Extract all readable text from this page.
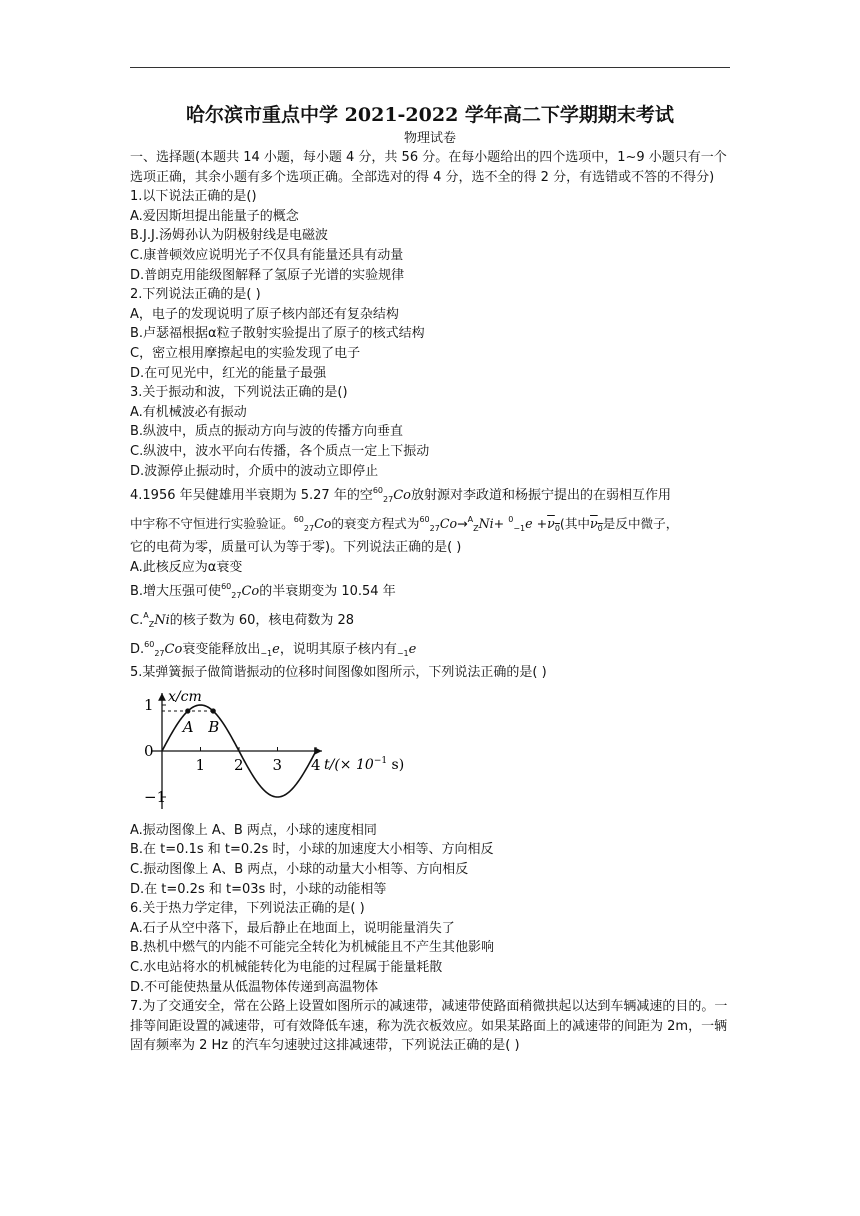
哈尔滨市重点中学 2021-2022 学年高二下学期期末考试

物理试卷

一、选择题(本题共 14 小题，每小题 4 分，共 56 分。在每小题给出的四个选项中，1~9 小题只有一个选项正确，其余小题有多个选项正确。全部选对的得 4 分，选不全的得 2 分，有选错或不答的不得分)

1.以下说法正确的是()

A.爱因斯坦提出能量子的概念

B.J.J.汤姆孙认为阴极射线是电磁波

C.康普顿效应说明光子不仅具有能量还具有动量

D.普朗克用能级图解释了氢原子光谱的实验规律

2.下列说法正确的是( )

A，电子的发现说明了原子核内部还有复杂结构

B.卢瑟福根据α粒子散射实验提出了原子的核式结构

C，密立根用摩擦起电的实验发现了电子

D.在可见光中，红光的能量子最强

3.关于振动和波，下列说法正确的是()

A.有机械波必有振动

B.纵波中，质点的振动方向与波的传播方向垂直

C.纵波中，波水平向右传播，各个质点一定上下振动

D.波源停止振动时，介质中的波动立即停止

4.1956 年吴健雄用半衰期为 5.27 年的空$^{60}_{27}$Co放射源对李政道和杨振宁提出的在弱相互作用

中宇称不守恒进行实验验证。$^{60}_{27}$Co的衰变方程式为$^{60}_{27}Co\to^A_ZNi+ ^0_{-1}e +\nu_0$(其中$\nu_0$是反中微子，

它的电荷为零，质量可认为等于零)。下列说法正确的是( )

A.此核反应为α衰变

B.增大压强可使$^{60}_{27}$Co的半衰期变为 10.54 年

C.$^A_Z$Ni的核子数为 60，核电荷数为 28

D.$^{60}_{27}$Co衰变能释放出$_{-1}$e，说明其原子核内有$_{-1}$e

5.某弹簧振子做简谐振动的位移时间图像如图所示，下列说法正确的是( )

x/cm
$t/(\times 10^{-1}$ s)
1
0
−1
1 2 3 4
A B

A.振动图像上 A、B 两点，小球的速度相同

B.在 t=0.1s 和 t=0.2s 时，小球的加速度大小相等、方向相反

C.振动图像上 A、B 两点，小球的动量大小相等、方向相反

D.在 t=0.2s 和 t=03s 时，小球的动能相等

6.关于热力学定律，下列说法正确的是( )

A.石子从空中落下，最后静止在地面上，说明能量消失了

B.热机中燃气的内能不可能完全转化为机械能且不产生其他影响

C.水电站将水的机械能转化为电能的过程属于能量耗散

D.不可能使热量从低温物体传递到高温物体

7.为了交通安全，常在公路上设置如图所示的减速带，减速带使路面稍微拱起以达到车辆减速的目的。一排等间距设置的减速带，可有效降低车速，称为洗衣板效应。如果某路面上的减速带的间距为 2m，一辆固有频率为 2 Hz 的汽车匀速驶过这排减速带，下列说法正确的是( )
